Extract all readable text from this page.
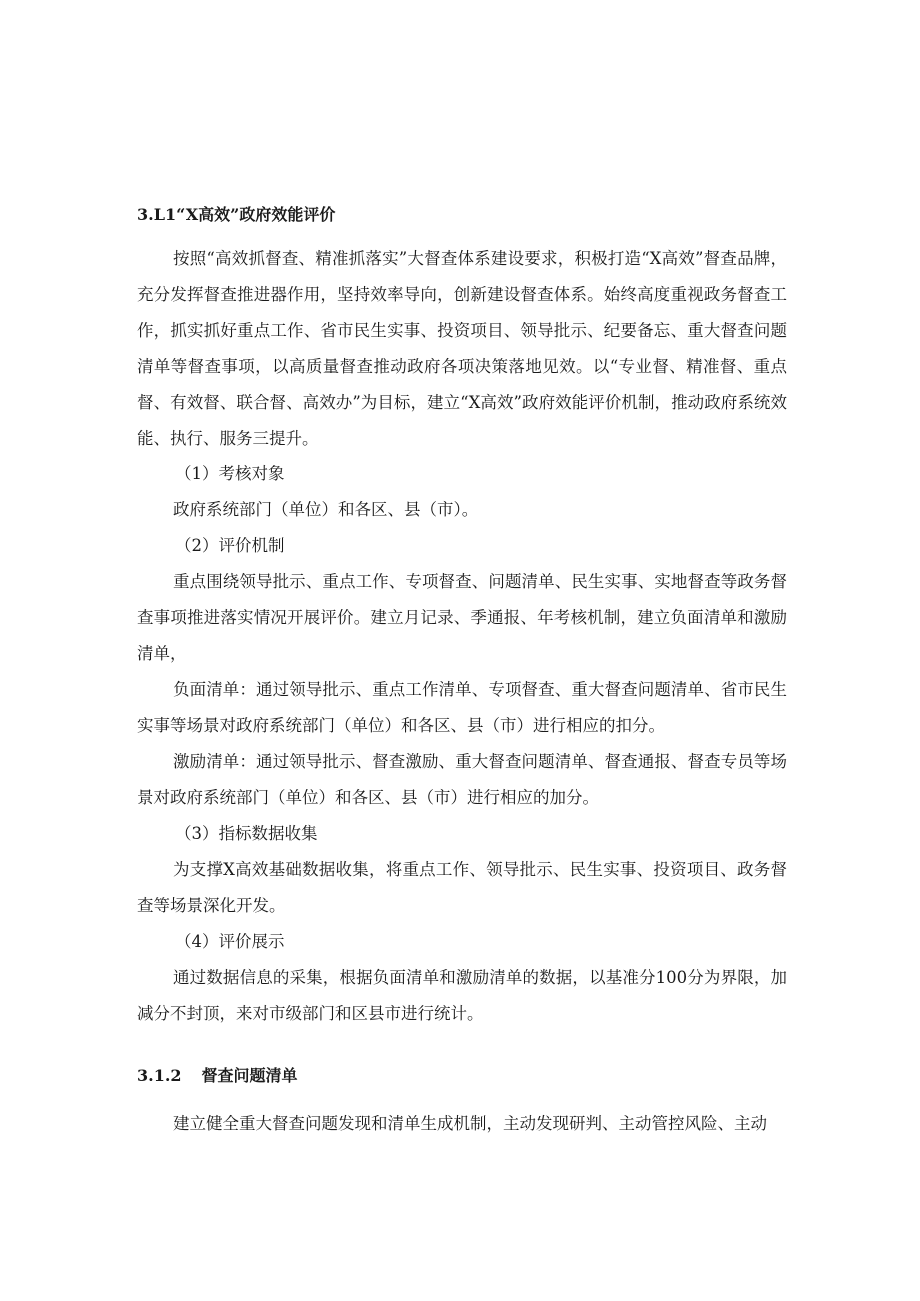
3.L1“X高效”政府效能评价

按照“高效抓督查、精准抓落实”大督查体系建设要求，积极打造“X高效”督查品牌，充分发挥督查推进器作用，坚持效率导向，创新建设督查体系。始终高度重视政务督查工作，抓实抓好重点工作、省市民生实事、投资项目、领导批示、纪要备忘、重大督查问题清单等督查事项，以高质量督查推动政府各项决策落地见效。以“专业督、精准督、重点督、有效督、联合督、高效办”为目标，建立“X高效”政府效能评价机制，推动政府系统效能、执行、服务三提升。

（1）考核对象

政府系统部门（单位）和各区、县（市）。

（2）评价机制

重点围绕领导批示、重点工作、专项督查、问题清单、民生实事、实地督查等政务督查事项推进落实情况开展评价。建立月记录、季通报、年考核机制，建立负面清单和激励清单，

负面清单：通过领导批示、重点工作清单、专项督查、重大督查问题清单、省市民生实事等场景对政府系统部门（单位）和各区、县（市）进行相应的扣分。

激励清单：通过领导批示、督查激励、重大督查问题清单、督查通报、督查专员等场景对政府系统部门（单位）和各区、县（市）进行相应的加分。

（3）指标数据收集

为支撑X高效基础数据收集，将重点工作、领导批示、民生实事、投资项目、政务督查等场景深化开发。

（4）评价展示

通过数据信息的采集，根据负面清单和激励清单的数据，以基准分100分为界限，加减分不封顶，来对市级部门和区县市进行统计。

3.1.2 督查问题清单

建立健全重大督查问题发现和清单生成机制，主动发现研判、主动管控风险、主动
